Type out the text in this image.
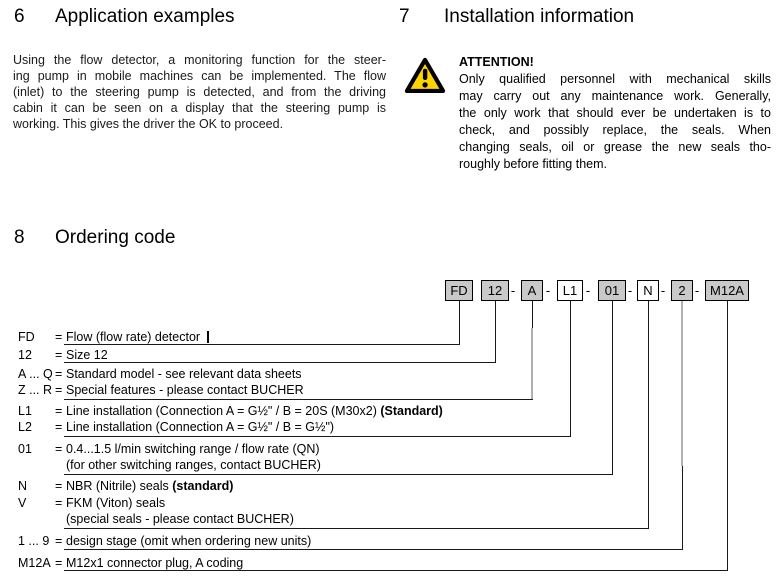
6 Application examples	7 Installation information
Using the flow detector, a monitoring function for the steer-
ing pump in mobile machines can be implemented. The flow
(inlet) to the steering pump is detected, and from the driving
cabin it can be seen on a display that the steering pump is
working. This gives the driver the OK to proceed.
ATTENTION!
Only qualified personnel with mechanical skills
may carry out any maintenance work. Generally,
the only work that should ever be undertaken is to
check, and possibly replace, the seals. When
changing seals, oil or grease the new seals tho-
roughly before fitting them.
8 Ordering code
FD	12	A	L1	01	N	2	M12A
- -	-	- - -
FD = Flow (flow rate) detector
12 = Size 12
A ... Q = Standard model - see relevant data sheets
Z ... R = Special features - please contact BUCHER
L1 = Line installation (Connection A = G½" / B = 20S (M30x2) (Standard)
L2 = Line installation (Connection A = G½" / B = G½")
01 = 0.4...1.5 l/min switching range / flow rate (QN)
(for other switching ranges, contact BUCHER)
N = NBR (Nitrile) seals (standard)
V = FKM (Viton) seals
(special seals - please contact BUCHER)
1 ... 9 = design stage (omit when ordering new units)
M12A = M12x1 connector plug, A coding
